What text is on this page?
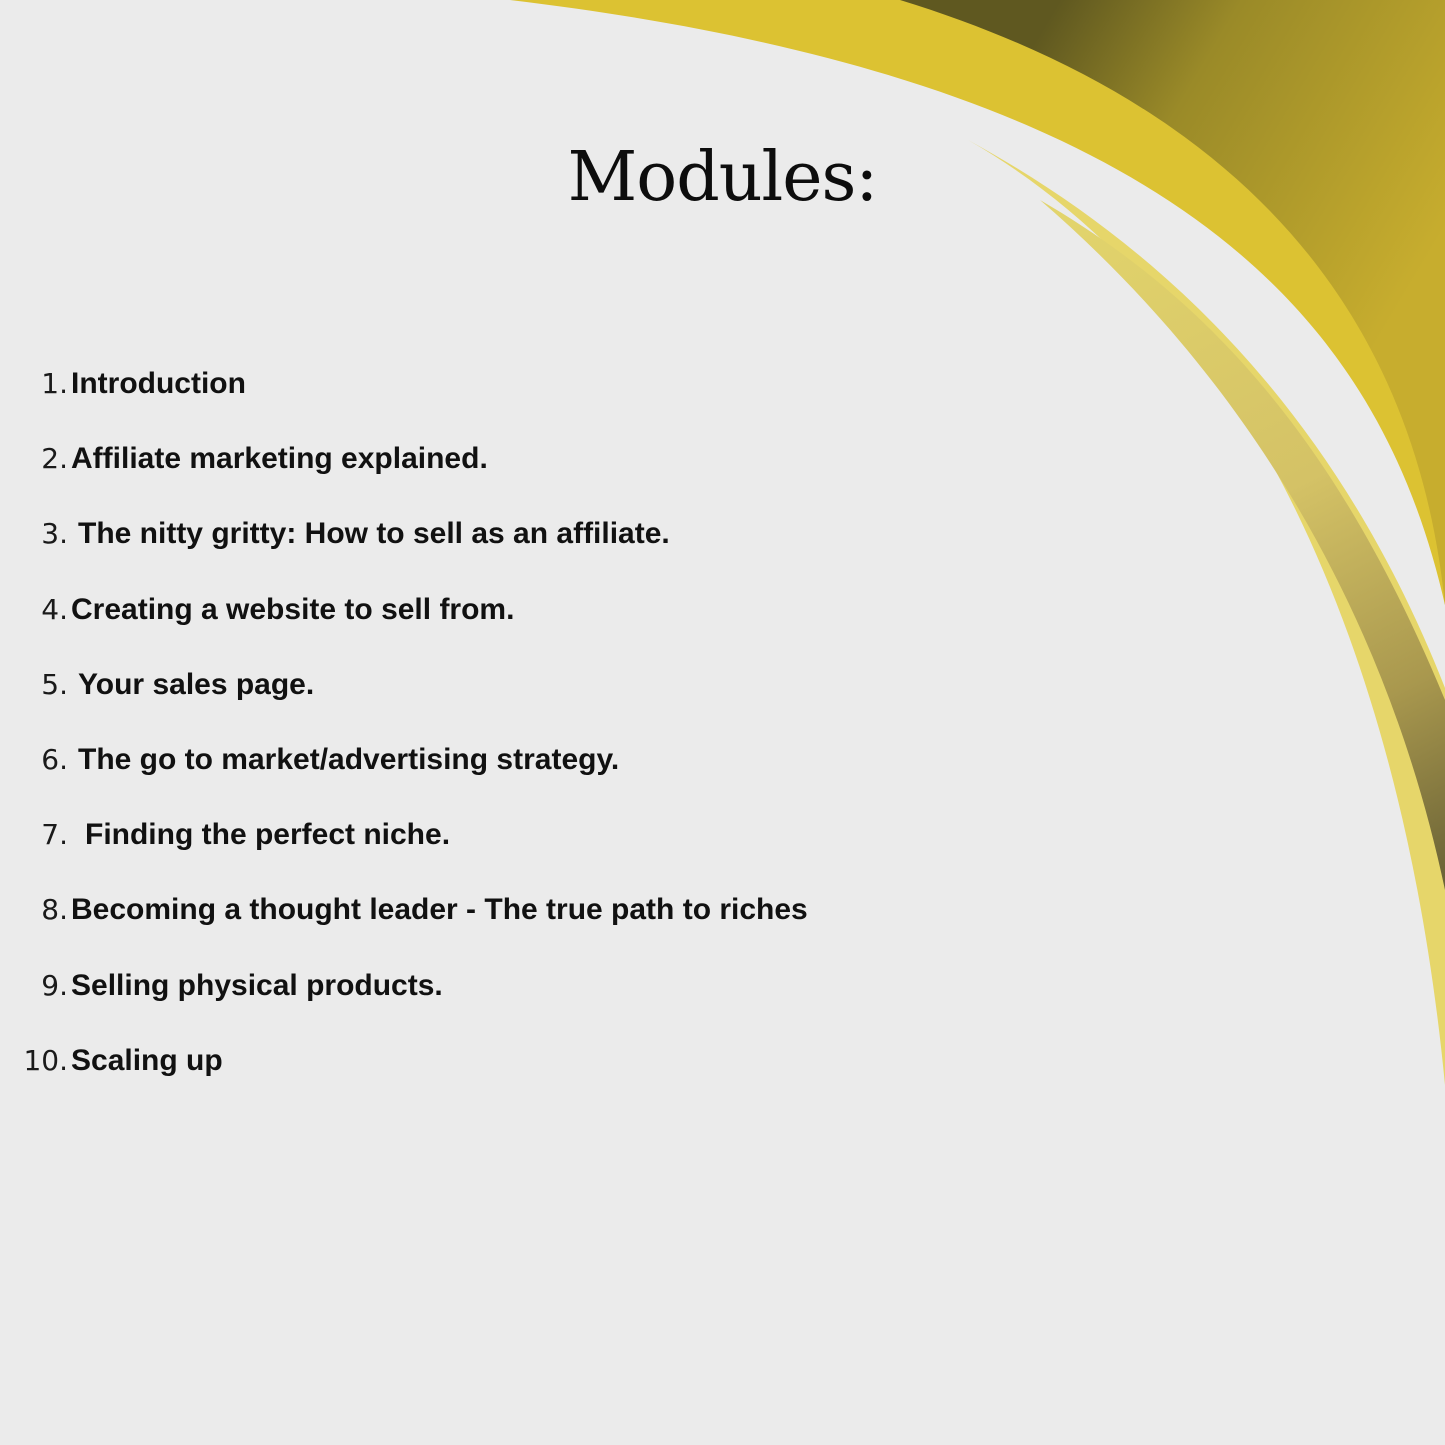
Modules:
1. Introduction
2. Affiliate marketing explained.
3. The nitty gritty: How to sell as an affiliate.
4. Creating a website to sell from.
5. Your sales page.
6. The go to market/advertising strategy.
7. Finding the perfect niche.
8. Becoming a thought leader - The true path to riches
9. Selling physical products.
10. Scaling up
